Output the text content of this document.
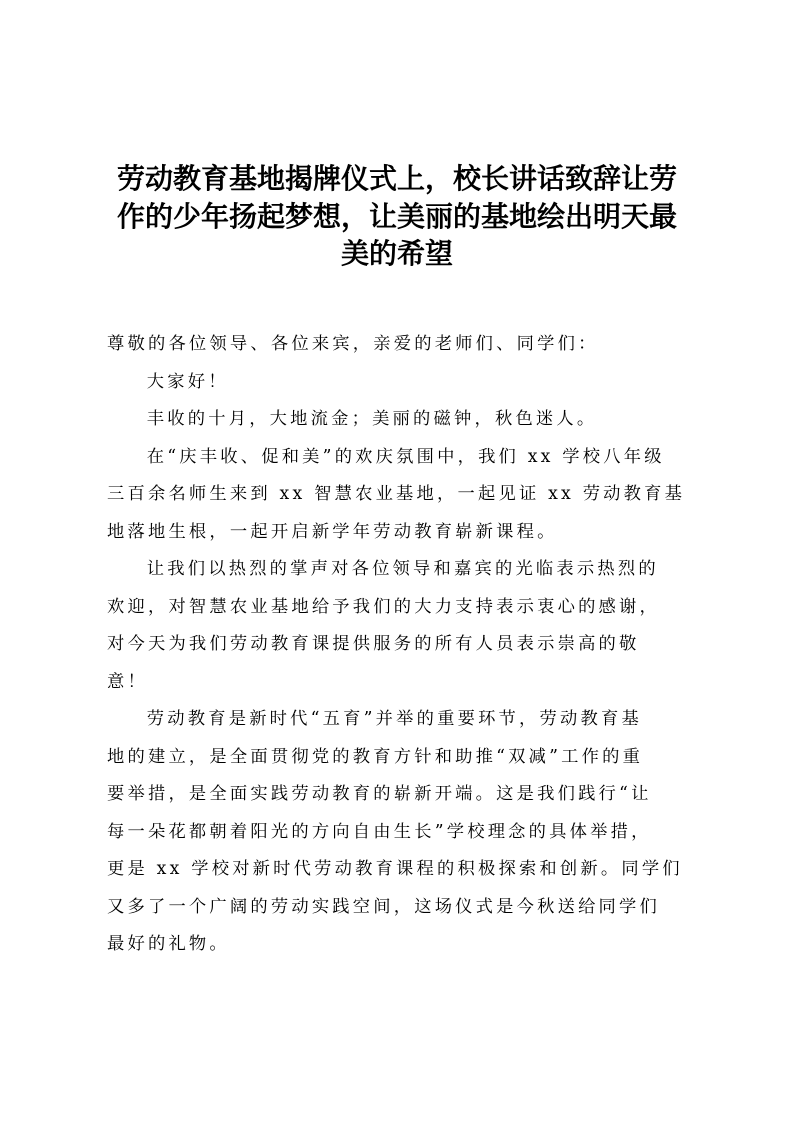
劳动教育基地揭牌仪式上，校长讲话致辞让劳
作的少年扬起梦想，让美丽的基地绘出明天最
美的希望

尊敬的各位领导、各位来宾，亲爱的老师们、同学们：

大家好！

丰收的十月，大地流金；美丽的磁钟，秋色迷人。

在“庆丰收、促和美”的欢庆氛围中，我们 xx 学校八年级
三百余名师生来到 xx 智慧农业基地，一起见证 xx 劳动教育基
地落地生根，一起开启新学年劳动教育崭新课程。

让我们以热烈的掌声对各位领导和嘉宾的光临表示热烈的
欢迎，对智慧农业基地给予我们的大力支持表示衷心的感谢，
对今天为我们劳动教育课提供服务的所有人员表示崇高的敬
意！

劳动教育是新时代“五育”并举的重要环节，劳动教育基
地的建立，是全面贯彻党的教育方针和助推“双减”工作的重
要举措，是全面实践劳动教育的崭新开端。这是我们践行“让
每一朵花都朝着阳光的方向自由生长”学校理念的具体举措，
更是 xx 学校对新时代劳动教育课程的积极探索和创新。同学们
又多了一个广阔的劳动实践空间，这场仪式是今秋送给同学们
最好的礼物。
